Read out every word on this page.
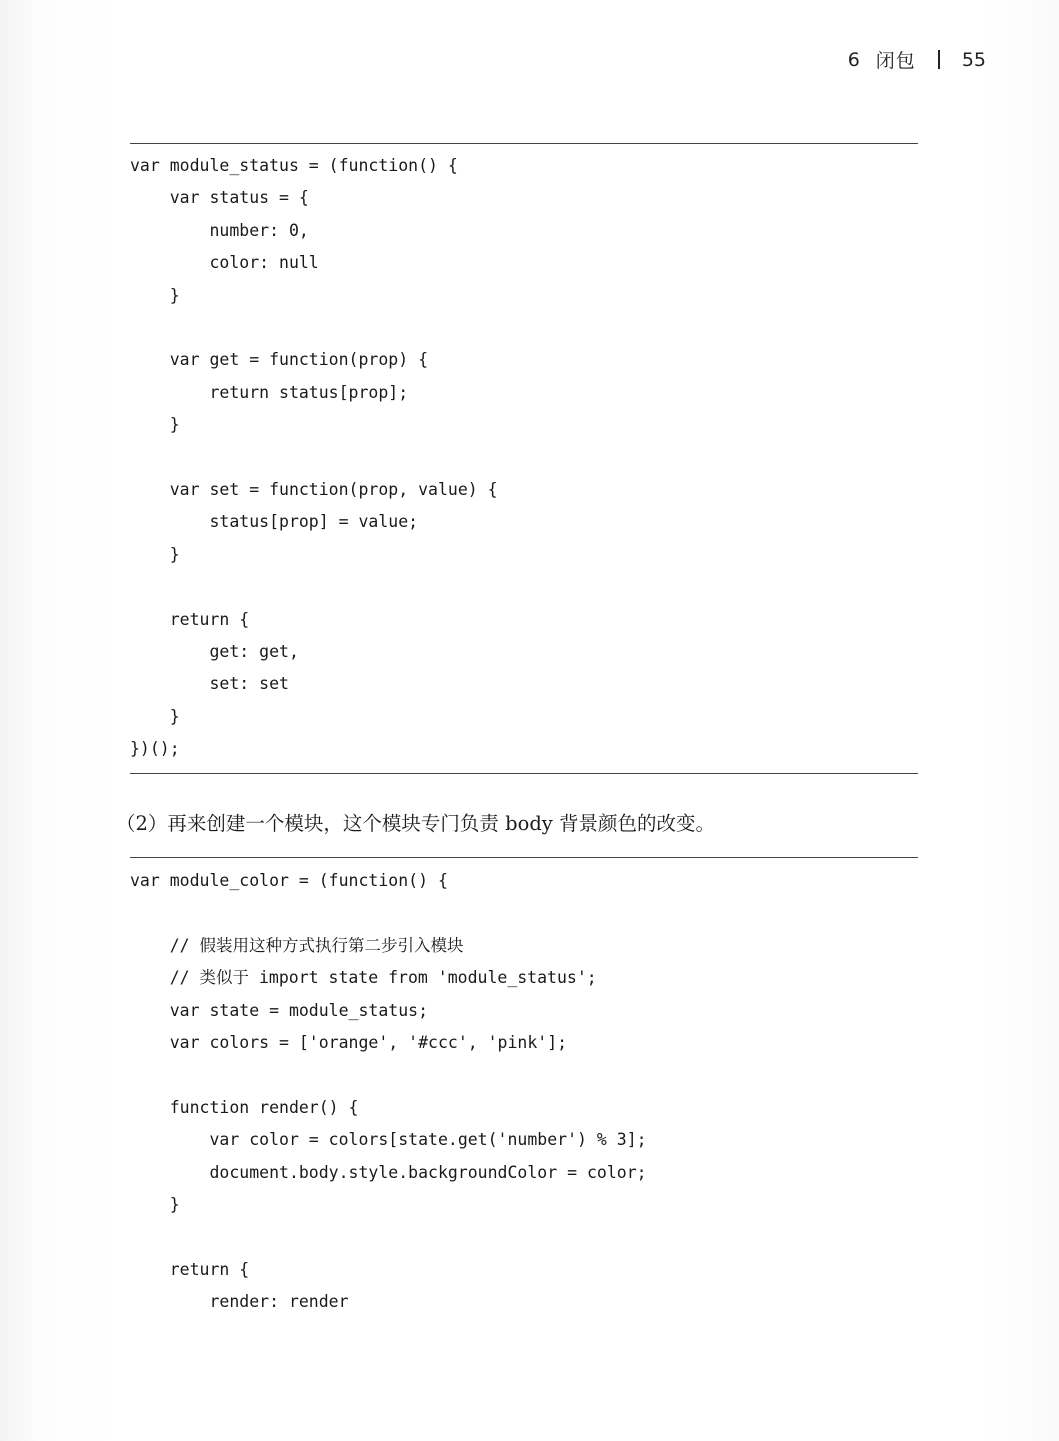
6 闭包 55
var module_status = (function() {
var status = {
number: 0,
color: null
}
var get = function(prop) {
return status[prop];
}
var set = function(prop, value) {
status[prop] = value;
}
return {
get: get,
set: set
}
})();
（2）再来创建一个模块，这个模块专门负责 body 背景颜色的改变。
var module_color = (function() {
// 假装用这种方式执行第二步引入模块
// 类似于 import state from 'module_status';
var state = module_status;
var colors = ['orange', '#ccc', 'pink'];
function render() {
var color = colors[state.get('number') % 3];
document.body.style.backgroundColor = color;
}
return {
render: render
